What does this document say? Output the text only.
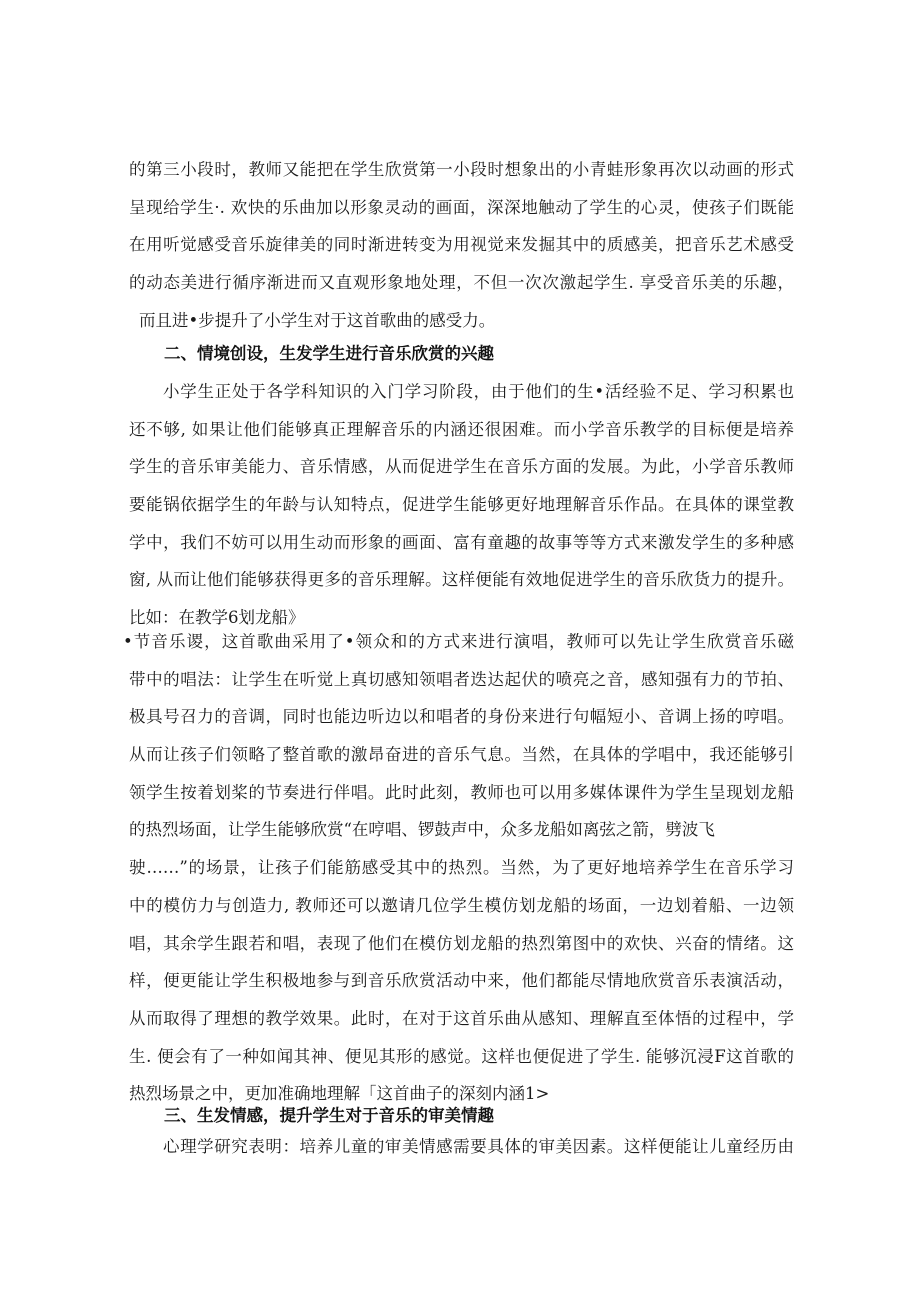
的第三小段时，教师又能把在学生欣赏第一小段时想象出的小青蛙形象再次以动画的形式
呈现给学生·. 欢快的乐曲加以形象灵动的画面，深深地触动了学生的心灵，使孩子们既能
在用听觉感受音乐旋律美的同时渐进转变为用视觉来发掘其中的质感美，把音乐艺术感受
的动态美进行循序渐进而又直观形象地处理，不但一次次激起学生. 享受音乐美的乐趣，
而且进•步提升了小学生对于这首歌曲的感受力。
二、情境创设，生发学生进行音乐欣赏的兴趣
小学生正处于各学科知识的入门学习阶段，由于他们的生•活经验不足、学习积累也
还不够, 如果让他们能够真正理解音乐的内涵还很困难。而小学音乐教学的目标便是培养
学生的音乐审美能力、音乐情感，从而促进学生在音乐方面的发展。为此，小学音乐教师
要能锅依据学生的年龄与认知特点，促进学生能够更好地理解音乐作品。在具体的课堂教
学中，我们不妨可以用生动而形象的画面、富有童趣的故事等等方式来激发学生的多种感
窗, 从而让他们能够获得更多的音乐理解。这样便能有效地促进学生的音乐欣货力的提升。
比如：在教学6划龙船》
•节音乐谡，这首歌曲采用了•领众和的方式来进行演唱，教师可以先让学生欣赏音乐磁
带中的唱法：让学生在听觉上真切感知领唱者迭达起伏的喷亮之音，感知强有力的节拍、
极具号召力的音调，同时也能边听边以和唱者的身份来进行句幅短小、音调上扬的哼唱。
从而让孩子们领略了整首歌的激昂奋进的音乐气息。当然，在具体的学唱中，我还能够引
领学生按着划桨的节奏进行伴唱。此时此刻，教师也可以用多媒体课件为学生呈现划龙船
的热烈场面，让学生能够欣赏“在哼唱、锣鼓声中，众多龙船如离弦之箭，劈波飞
驶……”的场景，让孩子们能筋感受其中的热烈。当然，为了更好地培养学生在音乐学习
中的模仿力与创造力, 教师还可以邀请几位学生模仿划龙船的场面，一边划着船、一边领
唱，其余学生跟若和唱，表现了他们在模仿划龙船的热烈第图中的欢快、兴奋的情绪。这
样，便更能让学生积极地参与到音乐欣赏活动中来，他们都能尽情地欣赏音乐表演活动，
从而取得了理想的教学效果。此时，在对于这首乐曲从感知、理解直至体悟的过程中，学
生. 便会有了一种如闻其神、便见其形的感觉。这样也便促进了学生. 能够沉浸F这首歌的
热烈场景之中，更加准确地理解「这首曲子的深刻内涵1>
三、生发情感，提升学生对于音乐的审美情趣
心理学研究表明：培养儿童的审美情感需要具体的审美因素。这样便能让儿童经历由
